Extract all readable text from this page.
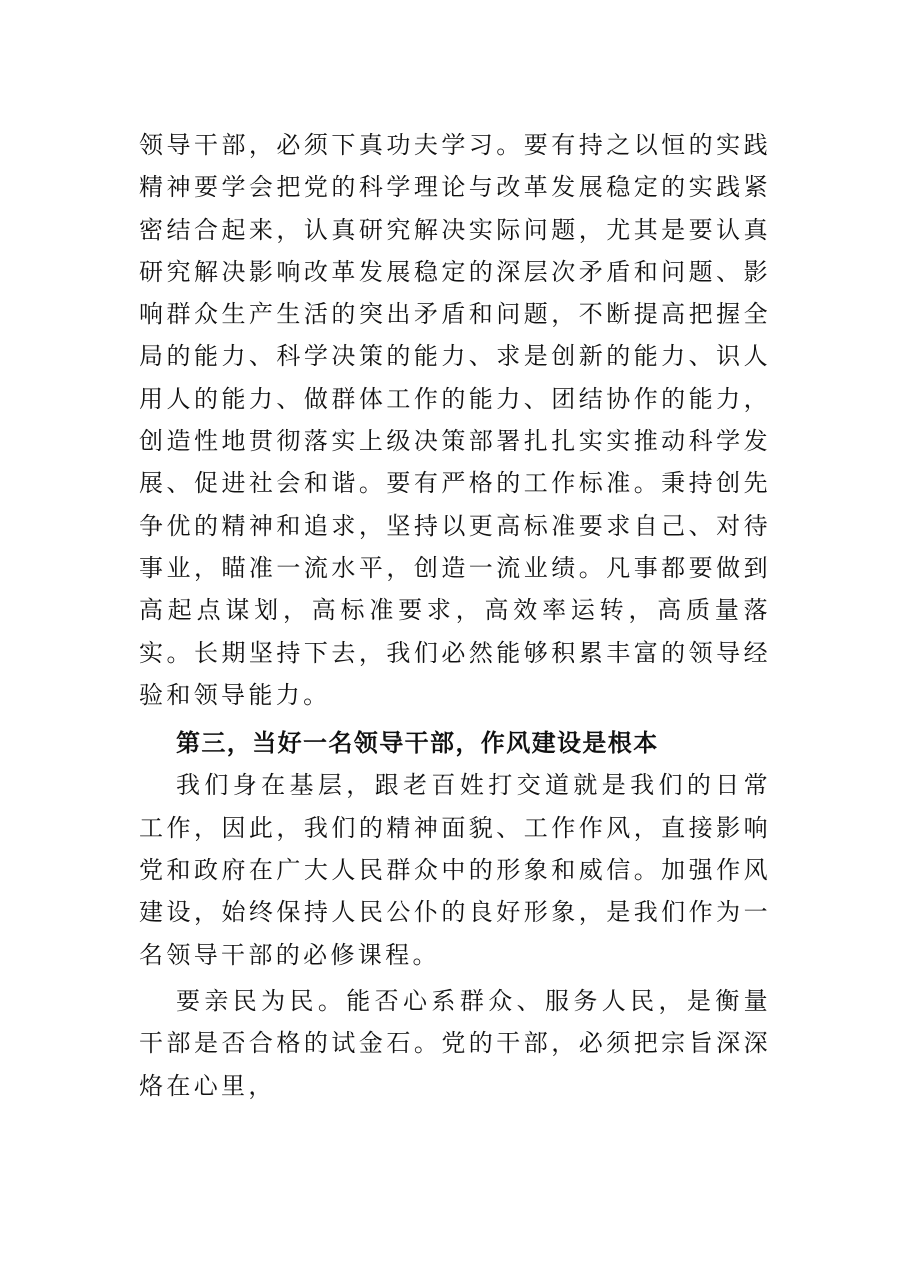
领导干部，必须下真功夫学习。要有持之以恒的实践精神要学会把党的科学理论与改革发展稳定的实践紧密结合起来，认真研究解决实际问题，尤其是要认真研究解决影响改革发展稳定的深层次矛盾和问题、影响群众生产生活的突出矛盾和问题，不断提高把握全局的能力、科学决策的能力、求是创新的能力、识人用人的能力、做群体工作的能力、团结协作的能力，创造性地贯彻落实上级决策部署扎扎实实推动科学发展、促进社会和谐。要有严格的工作标准。秉持创先争优的精神和追求，坚持以更高标准要求自己、对待事业，瞄准一流水平，创造一流业绩。凡事都要做到高起点谋划，高标准要求，高效率运转，高质量落实。长期坚持下去，我们必然能够积累丰富的领导经验和领导能力。

第三，当好一名领导干部，作风建设是根本

我们身在基层，跟老百姓打交道就是我们的日常工作，因此，我们的精神面貌、工作作风，直接影响党和政府在广大人民群众中的形象和威信。加强作风建设，始终保持人民公仆的良好形象，是我们作为一名领导干部的必修课程。

要亲民为民。能否心系群众、服务人民，是衡量干部是否合格的试金石。党的干部，必须把宗旨深深烙在心里，
